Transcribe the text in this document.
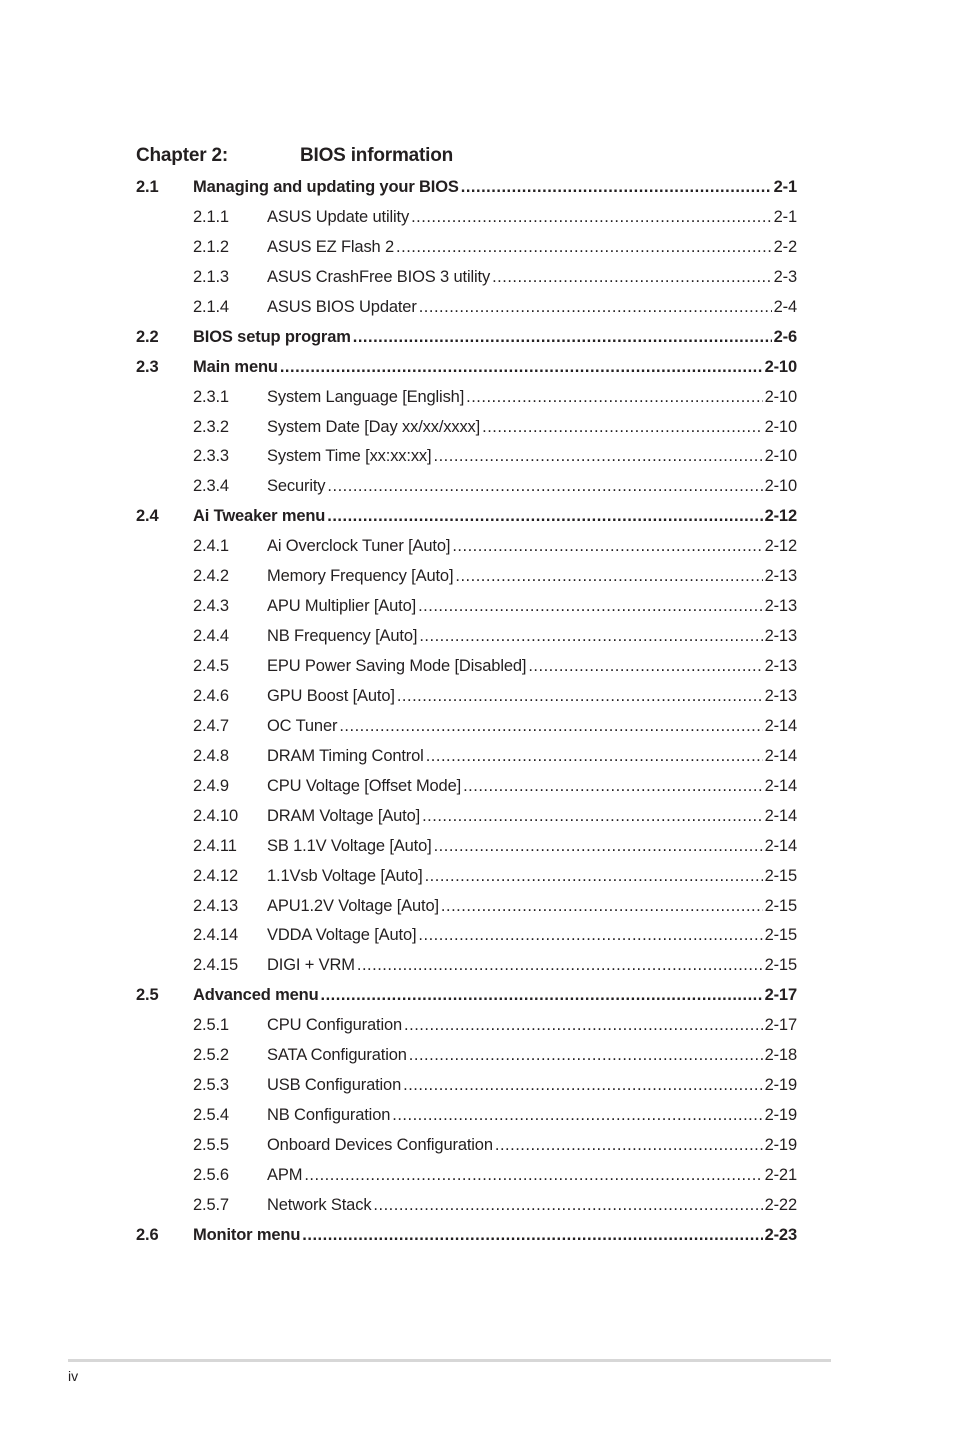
Chapter 2:	BIOS information
2.1 Managing and updating your BIOS .....	2-1
2.1.1 ASUS Update utility .....	2-1
2.1.2 ASUS EZ Flash 2 .....	2-2
2.1.3 ASUS CrashFree BIOS 3 utility .....	2-3
2.1.4 ASUS BIOS Updater .....	2-4
2.2 BIOS setup program .....	2-6
2.3 Main menu .....	2-10
2.3.1 System Language [English] .....	2-10
2.3.2 System Date [Day xx/xx/xxxx] .....	2-10
2.3.3 System Time [xx:xx:xx] .....	2-10
2.3.4 Security .....	2-10
2.4 Ai Tweaker menu .....	2-12
2.4.1 Ai Overclock Tuner [Auto] .....	2-12
2.4.2 Memory Frequency [Auto] .....	2-13
2.4.3 APU Multiplier [Auto] .....	2-13
2.4.4 NB Frequency [Auto] .....	2-13
2.4.5 EPU Power Saving Mode [Disabled] .....	2-13
2.4.6 GPU Boost [Auto] .....	2-13
2.4.7 OC Tuner .....	2-14
2.4.8 DRAM Timing Control .....	2-14
2.4.9 CPU Voltage [Offset Mode] .....	2-14
2.4.10 DRAM Voltage [Auto] .....	2-14
2.4.11 SB 1.1V Voltage [Auto] .....	2-14
2.4.12 1.1Vsb Voltage [Auto] .....	2-15
2.4.13 APU1.2V Voltage [Auto] .....	2-15
2.4.14 VDDA Voltage [Auto] .....	2-15
2.4.15 DIGI + VRM .....	2-15
2.5 Advanced menu .....	2-17
2.5.1 CPU Configuration .....	2-17
2.5.2 SATA Configuration .....	2-18
2.5.3 USB Configuration .....	2-19
2.5.4 NB Configuration .....	2-19
2.5.5 Onboard Devices Configuration .....	2-19
2.5.6 APM .....	2-21
2.5.7 Network Stack .....	2-22
2.6 Monitor menu .....	2-23
iv
